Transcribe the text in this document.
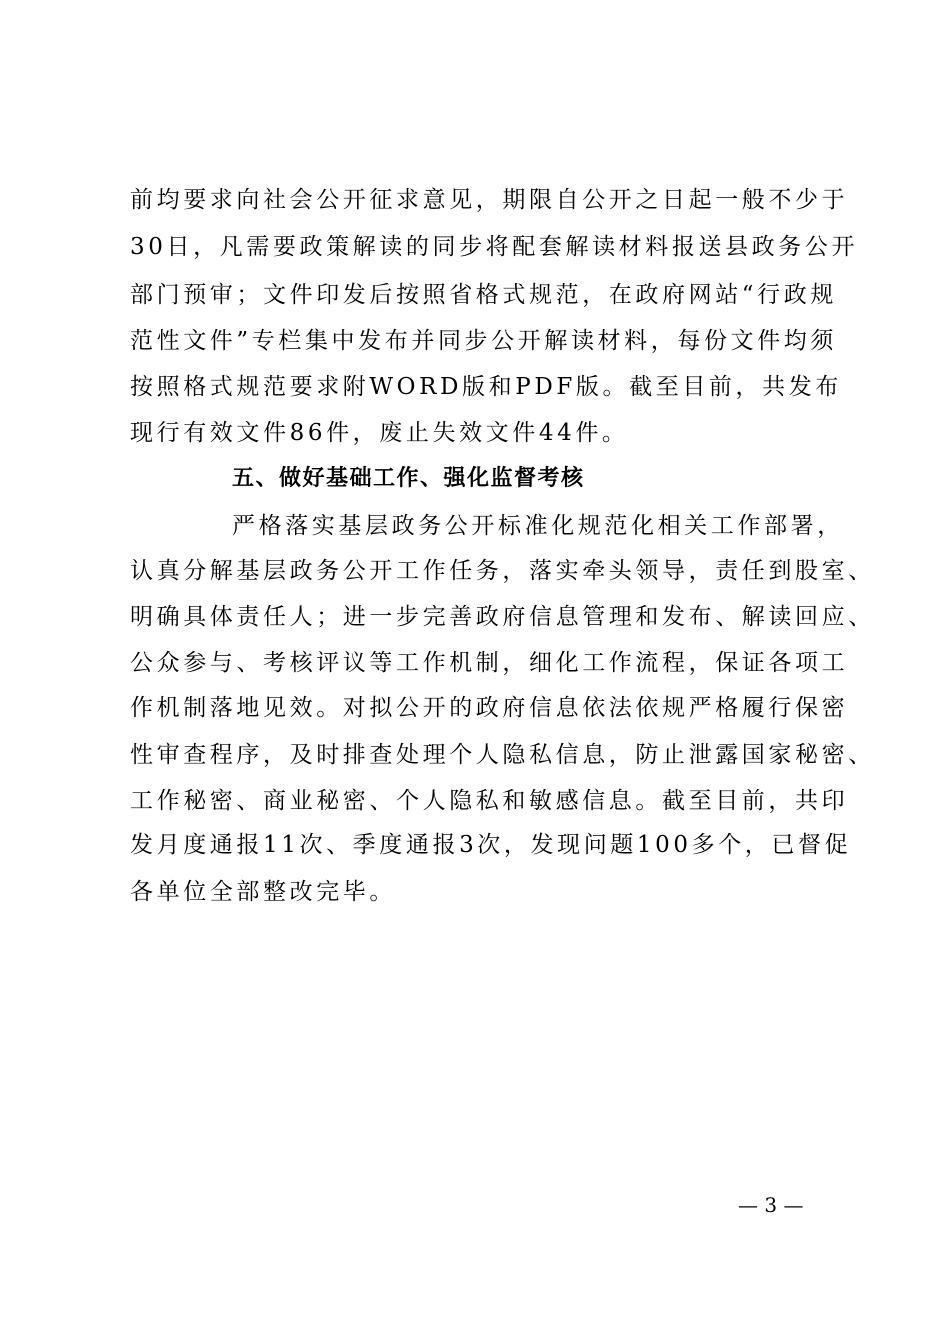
前均要求向社会公开征求意见，期限自公开之日起一般不少于
30日，凡需要政策解读的同步将配套解读材料报送县政务公开
部门预审；文件印发后按照省格式规范，在政府网站“行政规
范性文件”专栏集中发布并同步公开解读材料，每份文件均须
按照格式规范要求附WORD版和PDF版。截至目前，共发布
现行有效文件86件，废止失效文件44件。
五、做好基础工作、强化监督考核
严格落实基层政务公开标准化规范化相关工作部署，
认真分解基层政务公开工作任务，落实牵头领导，责任到股室、
明确具体责任人；进一步完善政府信息管理和发布、解读回应、
公众参与、考核评议等工作机制，细化工作流程，保证各项工
作机制落地见效。对拟公开的政府信息依法依规严格履行保密
性审查程序，及时排查处理个人隐私信息，防止泄露国家秘密、
工作秘密、商业秘密、个人隐私和敏感信息。截至目前，共印
发月度通报11次、季度通报3次，发现问题100多个，已督促
各单位全部整改完毕。
— 3 —
